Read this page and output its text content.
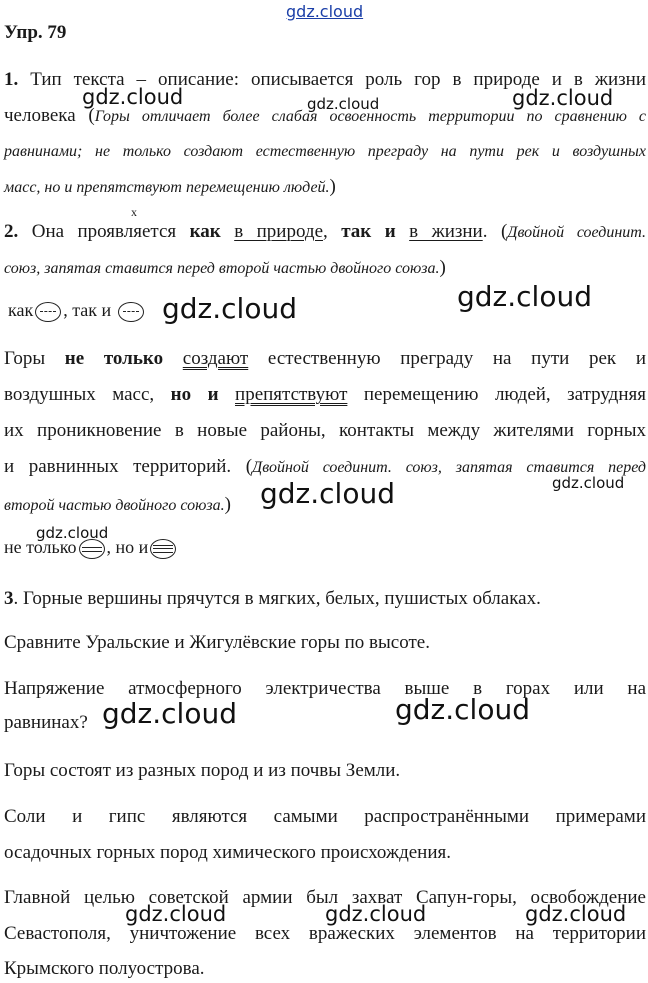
gdz.cloud
Упр. 79
1. Тип текста – описание: описывается роль гор в природе и в жизни
человека (Горы отличает более слабая освоенность территории по сравнению с
равнинами; не только создают естественную преграду на пути рек и воздушных
масс, но и препятствуют перемещению людей.)
x
2. Она проявляется как в природе, так и в жизни. (Двойной соединит.
союз, запятая ставится перед второй частью двойного союза.)
как , так и
Горы не только создают естественную преграду на пути рек и
воздушных масс, но и препятствуют перемещению людей, затрудняя
их проникновение в новые районы, контакты между жителями горных
и равнинных территорий. (Двойной соединит. союз, запятая ставится перед
второй частью двойного союза.)
не только , но и
3. Горные вершины прячутся в мягких, белых, пушистых облаках.
Сравните Уральские и Жигулёвские горы по высоте.
Напряжение атмосферного электричества выше в горах или на
равнинах?
Горы состоят из разных пород и из почвы Земли.
Соли и гипс являются самыми распространёнными примерами
осадочных горных пород химического происхождения.
Главной целью советской армии был захват Сапун-горы, освобождение
Севастополя, уничтожение всех вражеских элементов на территории
Крымского полуострова.
gdz.cloud	gdz.cloud	gdz.cloud
gdz.cloud
gdz.cloud
gdz.cloud
gdz.cloud
gdz.cloud
gdz.cloud
gdz.cloud
gdz.cloud	gdz.cloud	gdz.cloud
